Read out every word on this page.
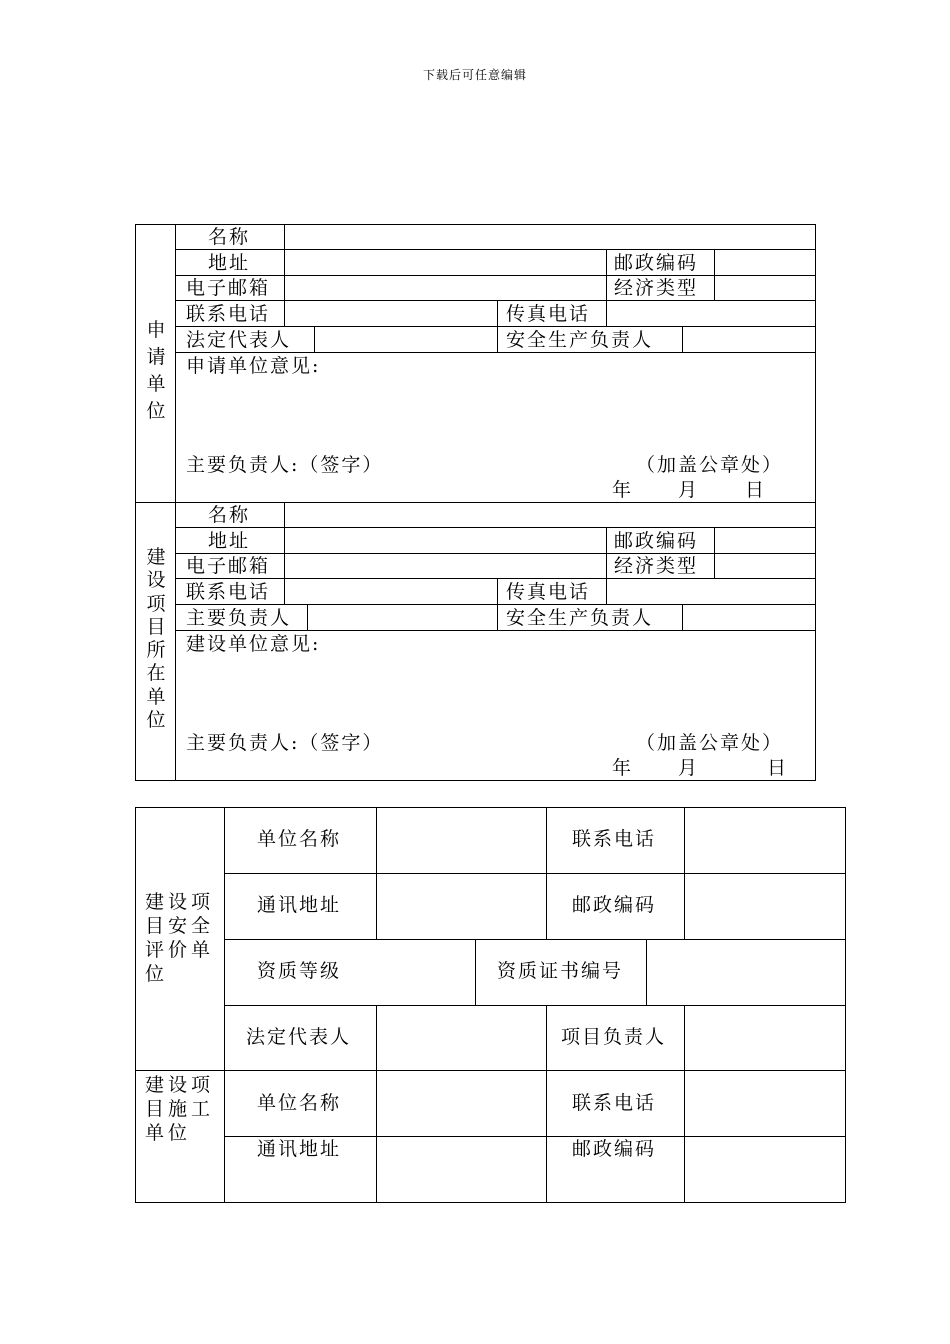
下载后可任意编辑
申请单位
名称
地址	邮政编码
电子邮箱	经济类型
联系电话	传真电话
法定代表人	安全生产负责人
申请单位意见:
主要负责人:（签字）	（加盖公章处）
年 月 日
建设项目所在单位
名称
地址	邮政编码
电子邮箱	经济类型
联系电话	传真电话
主要负责人	安全生产负责人
建设单位意见:
主要负责人:（签字）	（加盖公章处）
年 月	日
建设项目安全评价单位
单位名称	联系电话
通讯地址	邮政编码
资质等级	资质证书编号
法定代表人	项目负责人
建设项目施工单位
单位名称	联系电话
通讯地址	邮政编码
